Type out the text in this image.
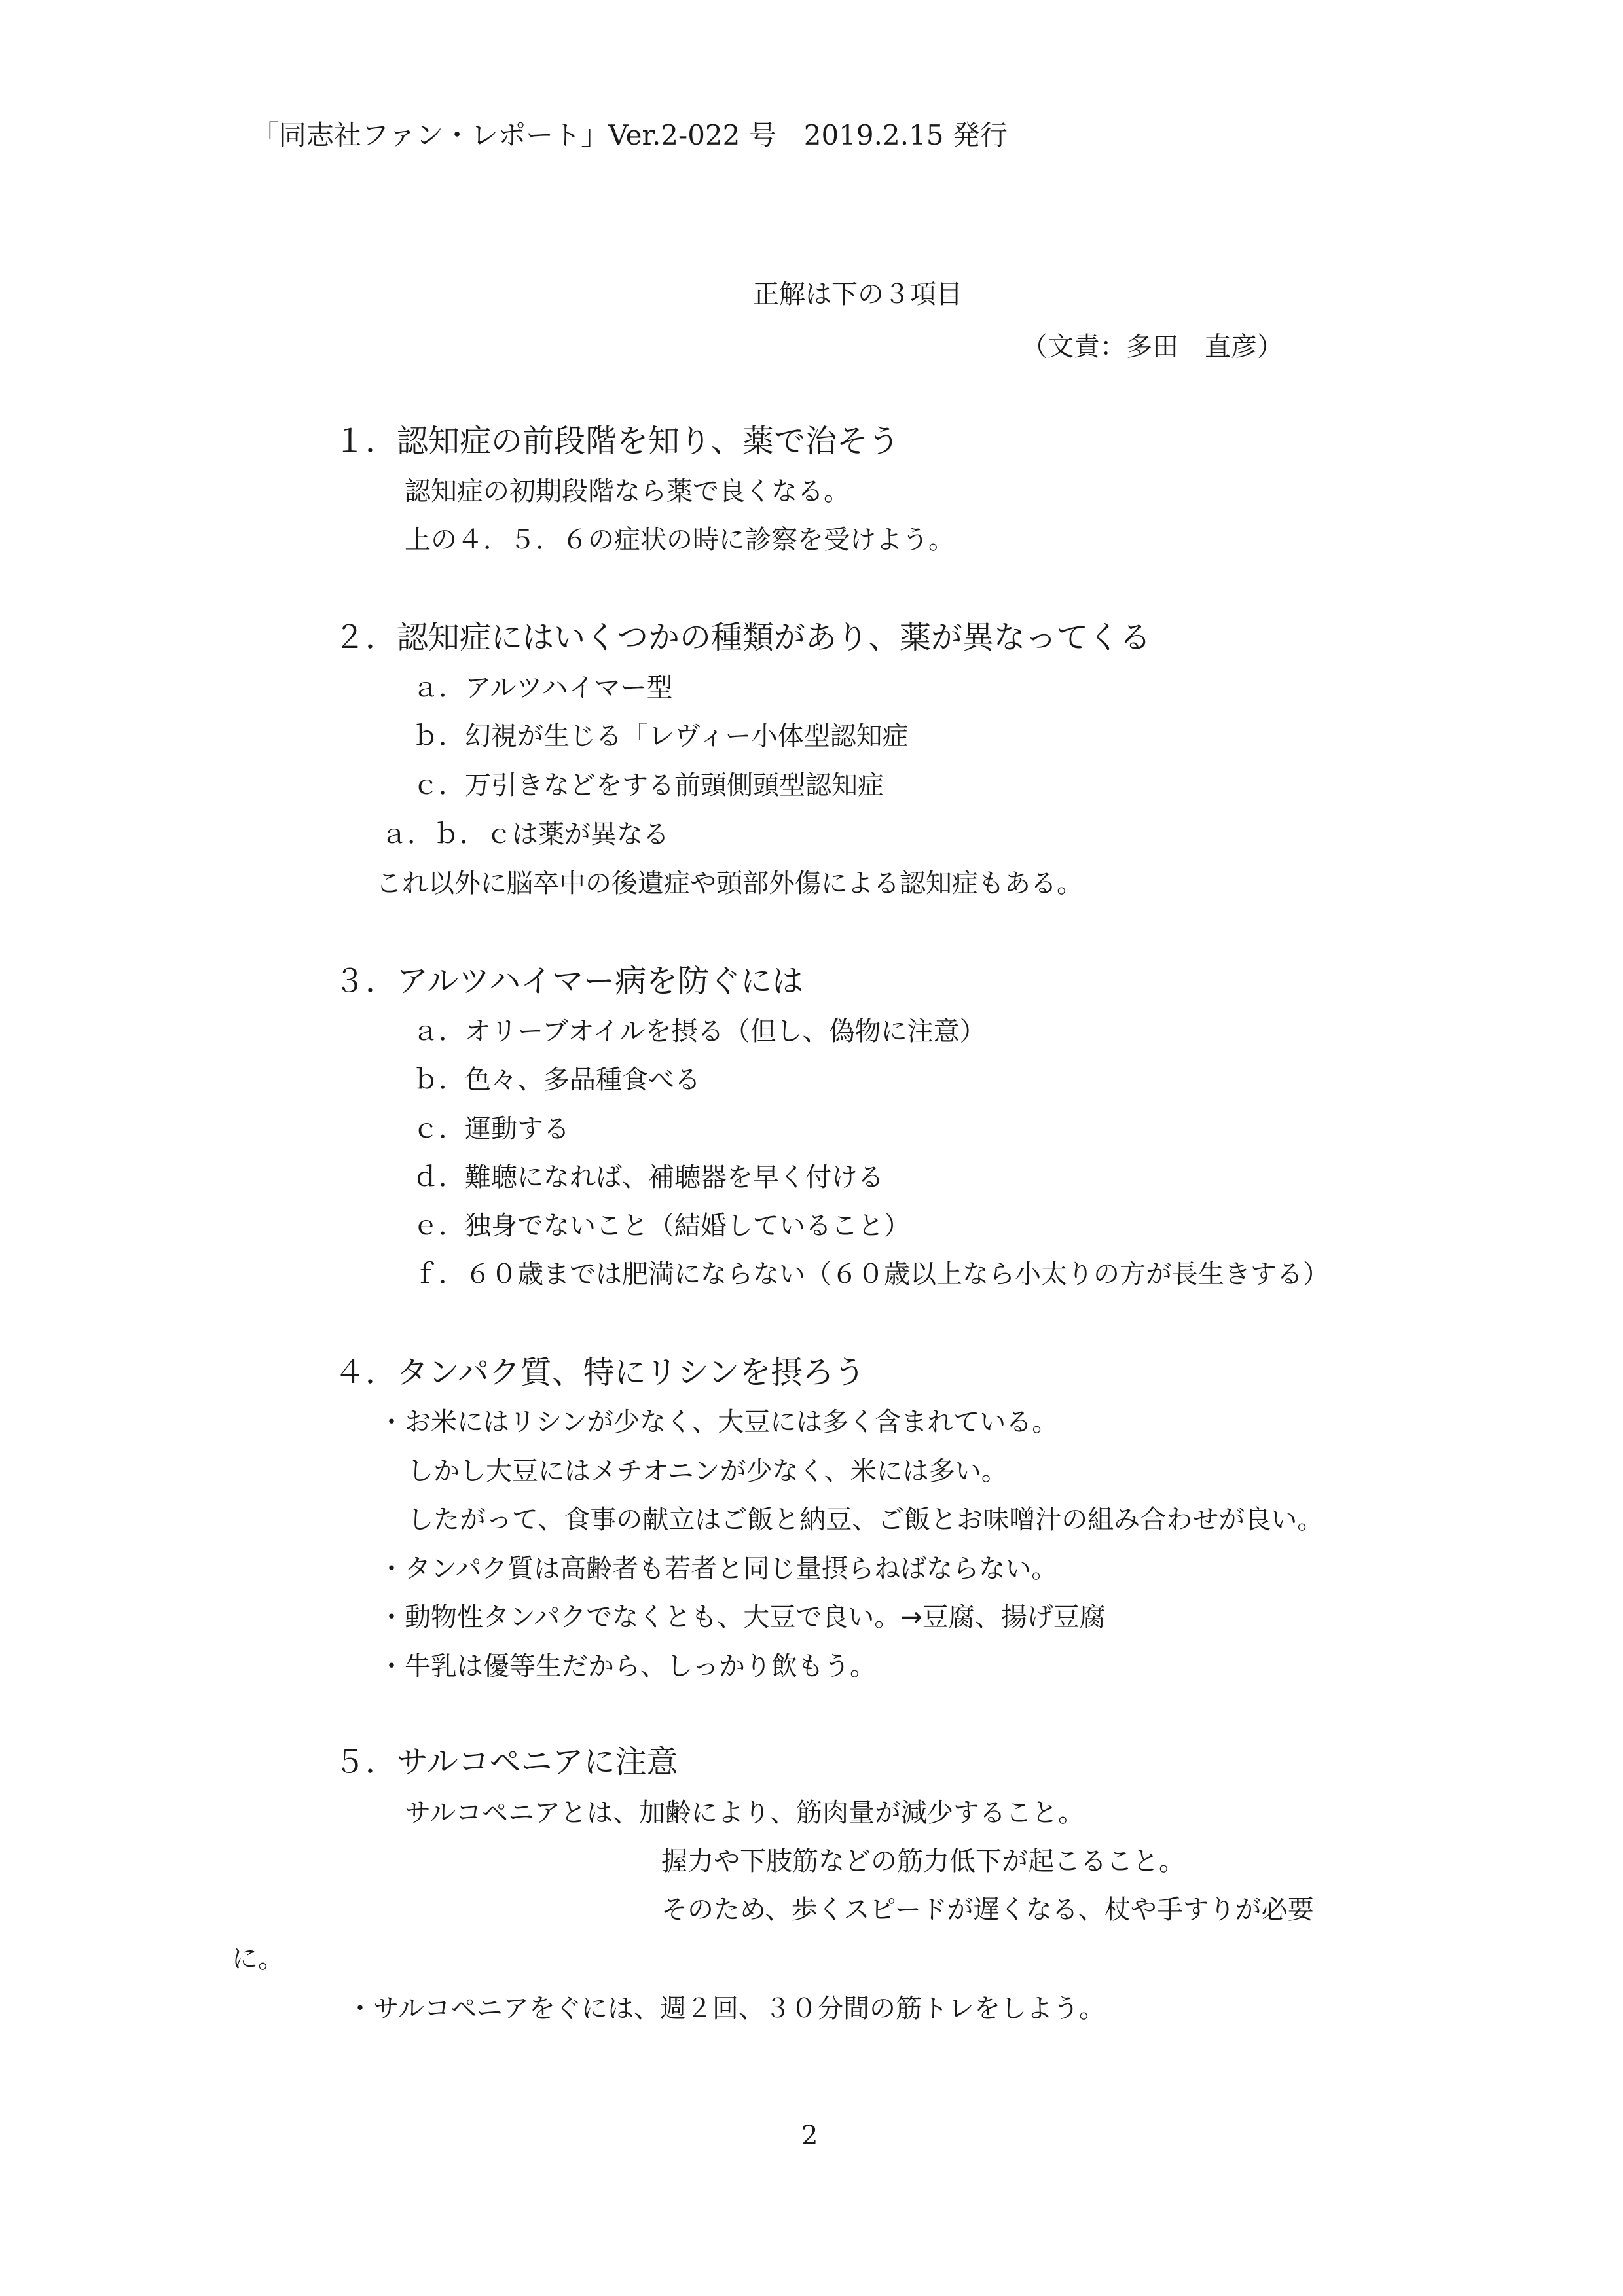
「同志社ファン・レポート」Ver.2-022 号　2019.2.15 発行
正解は下の３項目
（文責：多田　直彦）
１．認知症の前段階を知り、薬で治そう
認知症の初期段階なら薬で良くなる。
上の４．５．６の症状の時に診察を受けよう。
２．認知症にはいくつかの種類があり、薬が異なってくる
ａ．アルツハイマー型
ｂ．幻視が生じる「レヴィー小体型認知症
ｃ．万引きなどをする前頭側頭型認知症
ａ．ｂ．ｃは薬が異なる
これ以外に脳卒中の後遺症や頭部外傷による認知症もある。
３．アルツハイマー病を防ぐには
ａ．オリーブオイルを摂る（但し、偽物に注意）
ｂ．色々、多品種食べる
ｃ．運動する
ｄ．難聴になれば、補聴器を早く付ける
ｅ．独身でないこと（結婚していること）
ｆ．６０歳までは肥満にならない（６０歳以上なら小太りの方が長生きする）
４．タンパク質、特にリシンを摂ろう
・お米にはリシンが少なく、大豆には多く含まれている。
しかし大豆にはメチオニンが少なく、米には多い。
したがって、食事の献立はご飯と納豆、ご飯とお味噌汁の組み合わせが良い。
・タンパク質は高齢者も若者と同じ量摂らねばならない。
・動物性タンパクでなくとも、大豆で良い。→豆腐、揚げ豆腐
・牛乳は優等生だから、しっかり飲もう。
５．サルコペニアに注意
サルコペニアとは、加齢により、筋肉量が減少すること。
握力や下肢筋などの筋力低下が起こること。
そのため、歩くスピードが遅くなる、杖や手すりが必要
に。
・サルコペニアをぐには、週２回、３０分間の筋トレをしよう。
2
